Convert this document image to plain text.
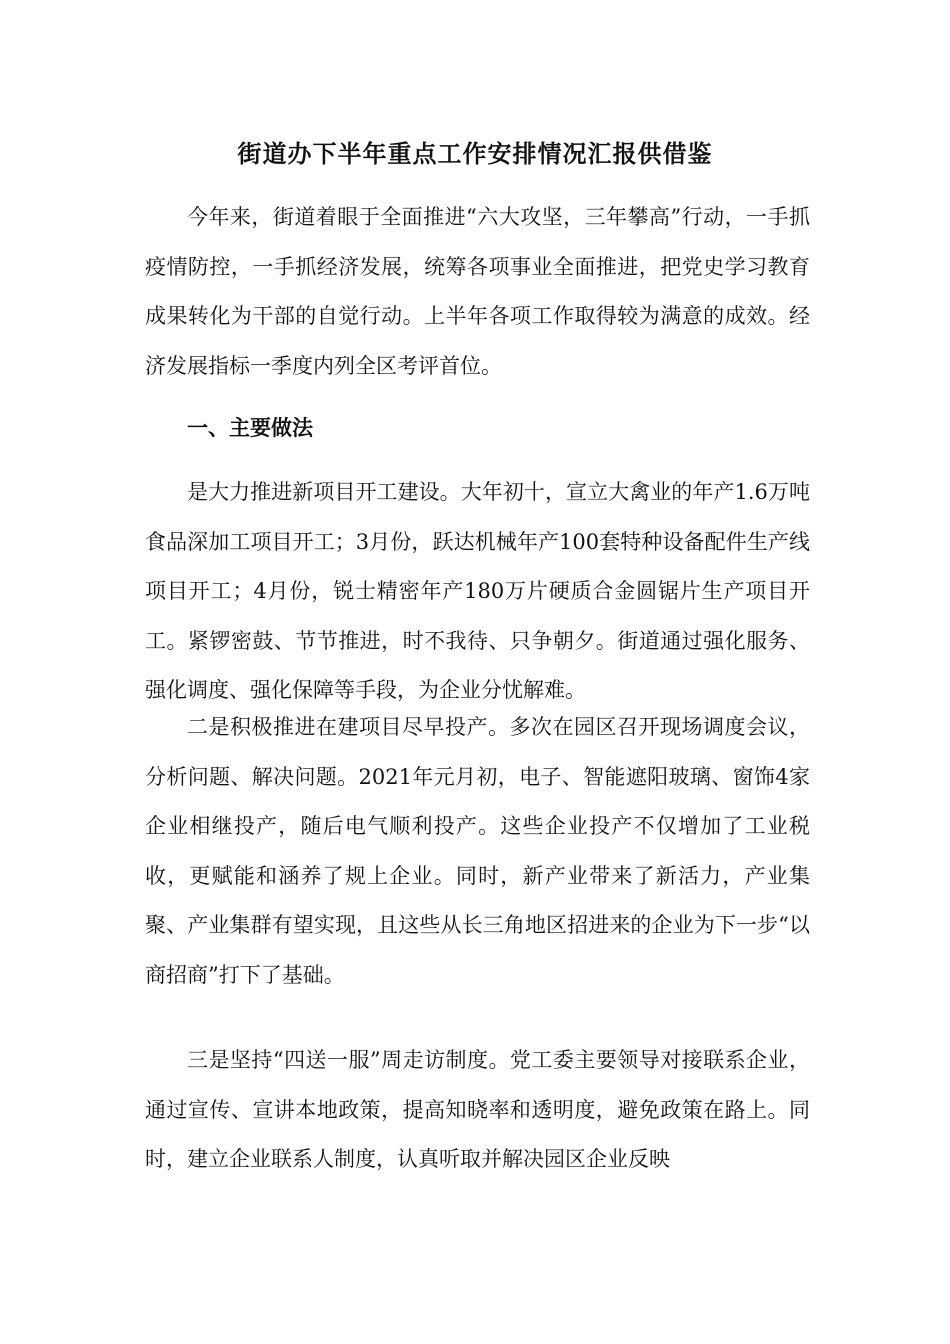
街道办下半年重点工作安排情况汇报供借鉴

今年来，街道着眼于全面推进“六大攻坚，三年攀高”行动，一手抓疫情防控，一手抓经济发展，统筹各项事业全面推进，把党史学习教育成果转化为干部的自觉行动。上半年各项工作取得较为满意的成效。经济发展指标一季度内列全区考评首位。

一、主要做法

是大力推进新项目开工建设。大年初十，宣立大禽业的年产1.6万吨食品深加工项目开工；3月份，跃达机械年产100套特种设备配件生产线项目开工；4月份，锐士精密年产180万片硬质合金圆锯片生产项目开工。紧锣密鼓、节节推进，时不我待、只争朝夕。街道通过强化服务、强化调度、强化保障等手段，为企业分忧解难。

二是积极推进在建项目尽早投产。多次在园区召开现场调度会议，分析问题、解决问题。2021年元月初，电子、智能遮阳玻璃、窗饰4家企业相继投产，随后电气顺利投产。这些企业投产不仅增加了工业税收，更赋能和涵养了规上企业。同时，新产业带来了新活力，产业集聚、产业集群有望实现，且这些从长三角地区招进来的企业为下一步“以商招商”打下了基础。

三是坚持“四送一服”周走访制度。党工委主要领导对接联系企业，通过宣传、宣讲本地政策，提高知晓率和透明度，避免政策在路上。同时，建立企业联系人制度，认真听取并解决园区企业反映
